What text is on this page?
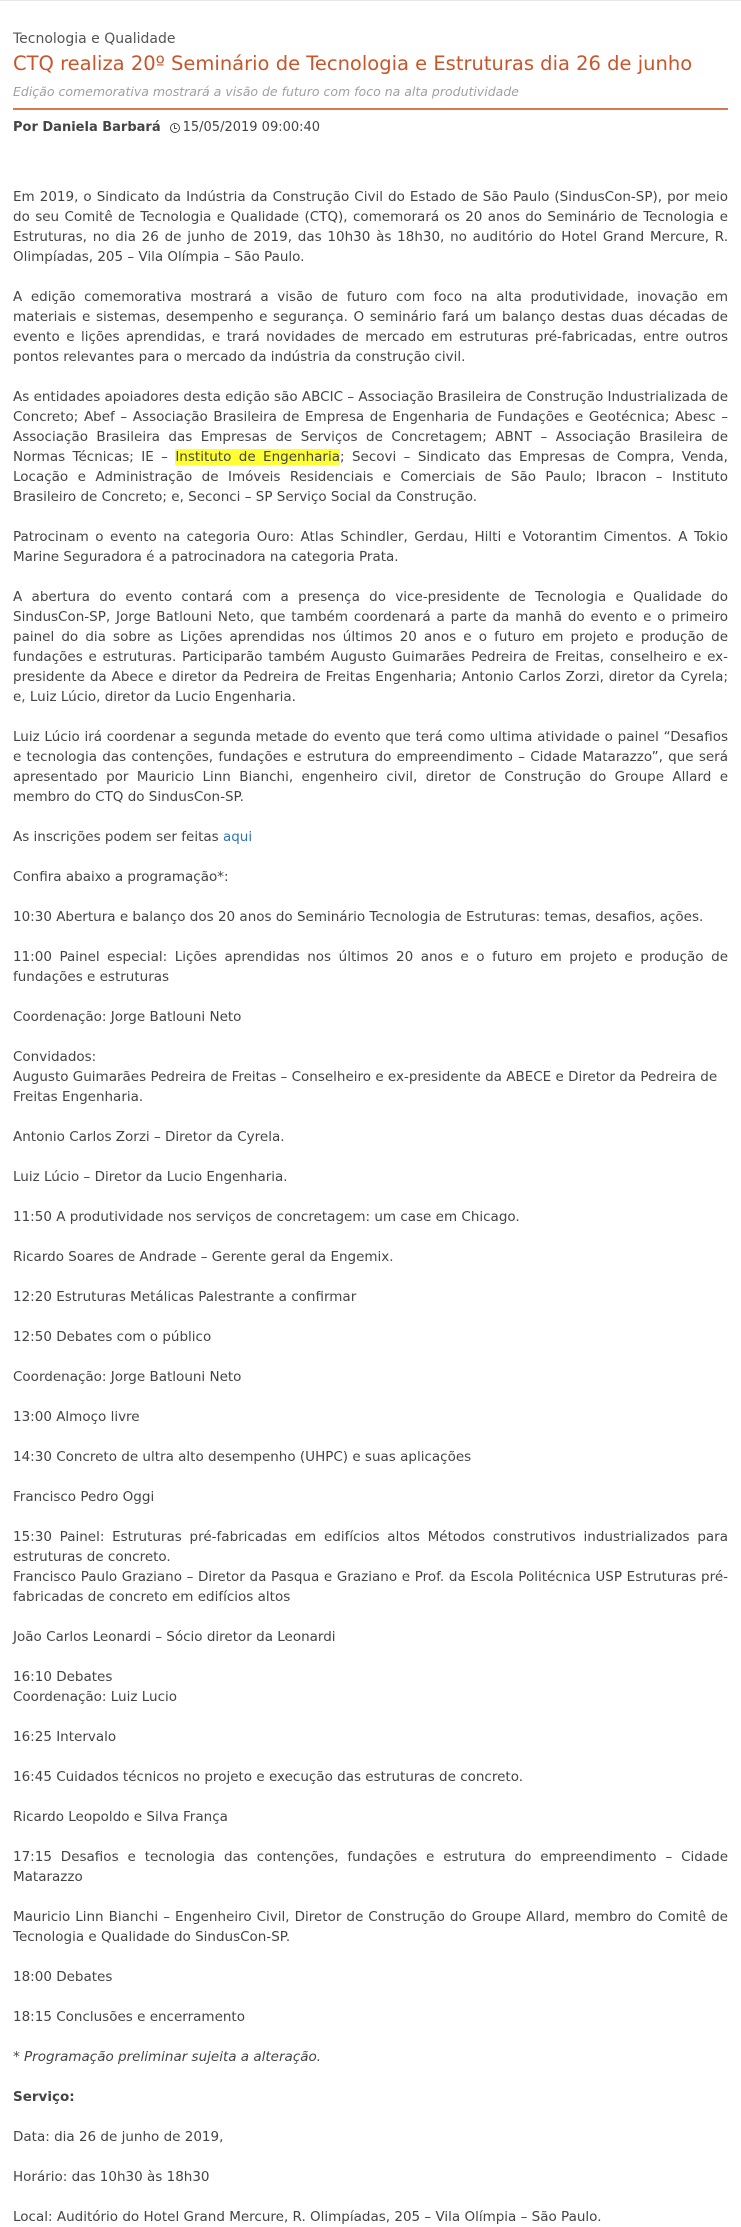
Tecnologia e Qualidade

CTQ realiza 20º Seminário de Tecnologia e Estruturas dia 26 de junho

Edição comemorativa mostrará a visão de futuro com foco na alta produtividade

Por Daniela Barbará 15/05/2019 09:00:40

Em 2019, o Sindicato da Indústria da Construção Civil do Estado de São Paulo (SindusCon-SP), por meio do seu Comitê de Tecnologia e Qualidade (CTQ), comemorará os 20 anos do Seminário de Tecnologia e Estruturas, no dia 26 de junho de 2019, das 10h30 às 18h30, no auditório do Hotel Grand Mercure, R. Olimpíadas, 205 – Vila Olímpia – São Paulo.

A edição comemorativa mostrará a visão de futuro com foco na alta produtividade, inovação em materiais e sistemas, desempenho e segurança. O seminário fará um balanço destas duas décadas de evento e lições aprendidas, e trará novidades de mercado em estruturas pré-fabricadas, entre outros pontos relevantes para o mercado da indústria da construção civil.

As entidades apoiadores desta edição são ABCIC – Associação Brasileira de Construção Industrializada de Concreto; Abef – Associação Brasileira de Empresa de Engenharia de Fundações e Geotécnica; Abesc – Associação Brasileira das Empresas de Serviços de Concretagem; ABNT – Associação Brasileira de Normas Técnicas; IE – Instituto de Engenharia; Secovi – Sindicato das Empresas de Compra, Venda, Locação e Administração de Imóveis Residenciais e Comerciais de São Paulo; Ibracon – Instituto Brasileiro de Concreto; e, Seconci – SP Serviço Social da Construção.

Patrocinam o evento na categoria Ouro: Atlas Schindler, Gerdau, Hilti e Votorantim Cimentos. A Tokio Marine Seguradora é a patrocinadora na categoria Prata.

A abertura do evento contará com a presença do vice-presidente de Tecnologia e Qualidade do SindusCon-SP, Jorge Batlouni Neto, que também coordenará a parte da manhã do evento e o primeiro painel do dia sobre as Lições aprendidas nos últimos 20 anos e o futuro em projeto e produção de fundações e estruturas. Participarão também Augusto Guimarães Pedreira de Freitas, conselheiro e ex-presidente da Abece e diretor da Pedreira de Freitas Engenharia; Antonio Carlos Zorzi, diretor da Cyrela; e, Luiz Lúcio, diretor da Lucio Engenharia.

Luiz Lúcio irá coordenar a segunda metade do evento que terá como ultima atividade o painel “Desafios e tecnologia das contenções, fundações e estrutura do empreendimento – Cidade Matarazzo”, que será apresentado por Mauricio Linn Bianchi, engenheiro civil, diretor de Construção do Groupe Allard e membro do CTQ do SindusCon-SP.

As inscrições podem ser feitas aqui

Confira abaixo a programação*:

10:30 Abertura e balanço dos 20 anos do Seminário Tecnologia de Estruturas: temas, desafios, ações.

11:00 Painel especial: Lições aprendidas nos últimos 20 anos e o futuro em projeto e produção de fundações e estruturas

Coordenação: Jorge Batlouni Neto

Convidados:
Augusto Guimarães Pedreira de Freitas – Conselheiro e ex-presidente da ABECE e Diretor da Pedreira de Freitas Engenharia.

Antonio Carlos Zorzi – Diretor da Cyrela.

Luiz Lúcio – Diretor da Lucio Engenharia.

11:50 A produtividade nos serviços de concretagem: um case em Chicago.

Ricardo Soares de Andrade – Gerente geral da Engemix.

12:20 Estruturas Metálicas Palestrante a confirmar

12:50 Debates com o público

Coordenação: Jorge Batlouni Neto

13:00 Almoço livre

14:30 Concreto de ultra alto desempenho (UHPC) e suas aplicações

Francisco Pedro Oggi

15:30 Painel: Estruturas pré-fabricadas em edifícios altos Métodos construtivos industrializados para estruturas de concreto.
Francisco Paulo Graziano – Diretor da Pasqua e Graziano e Prof. da Escola Politécnica USP Estruturas pré-fabricadas de concreto em edifícios altos

João Carlos Leonardi – Sócio diretor da Leonardi

16:10 Debates
Coordenação: Luiz Lucio

16:25 Intervalo

16:45 Cuidados técnicos no projeto e execução das estruturas de concreto.

Ricardo Leopoldo e Silva França

17:15 Desafios e tecnologia das contenções, fundações e estrutura do empreendimento – Cidade Matarazzo

Mauricio Linn Bianchi – Engenheiro Civil, Diretor de Construção do Groupe Allard, membro do Comitê de Tecnologia e Qualidade do SindusCon-SP.

18:00 Debates

18:15 Conclusões e encerramento

* Programação preliminar sujeita a alteração.

Serviço:

Data: dia 26 de junho de 2019,

Horário: das 10h30 às 18h30

Local: Auditório do Hotel Grand Mercure, R. Olimpíadas, 205 – Vila Olímpia – São Paulo.
